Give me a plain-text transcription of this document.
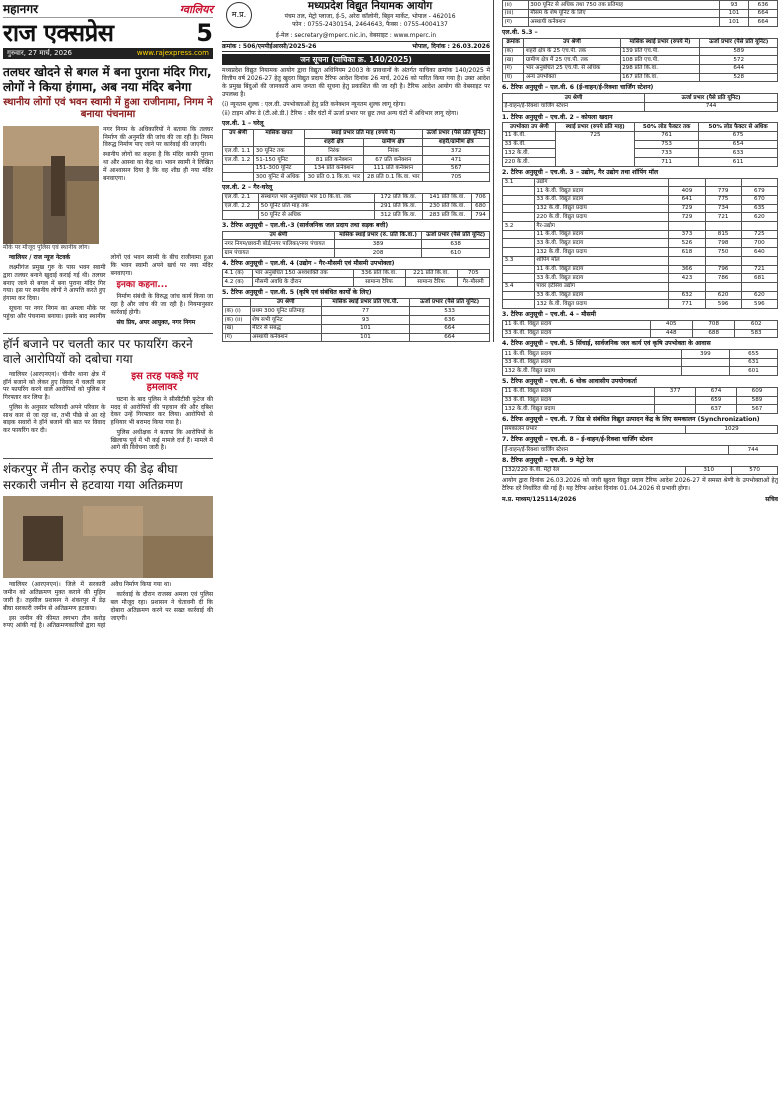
महानगर	ग्वालियर
राज एक्सप्रेस	5
गुरुवार, 27 मार्च, 2026	www.rajexpress.com
तलघर खोदने से बगल में बना पुराना मंदिर गिरा, लोगों ने किया हंगामा, अब नया मंदिर बनेगा
स्थानीय लोगों एवं भवन स्वामी में हुआ राजीनामा, निगम ने बनाया पंचनामा

नगर निगम के अधिकारियों ने बताया कि तलघर निर्माण की अनुमति की जांच की जा रही है। नियम विरुद्ध निर्माण पाए जाने पर कार्रवाई की जाएगी।

स्थानीय लोगों का कहना है कि मंदिर काफी पुराना था और आस्था का केंद्र था। भवन स्वामी ने लिखित में आश्वासन दिया है कि वह शीघ्र ही नया मंदिर बनवाएगा।

मौके पर मौजूद पुलिस एवं स्थानीय लोग।

ग्वालियर / राज न्यूज नेटवर्क

लक्ष्मीगंज प्रमुख गुरु के पास भवन स्वामी द्वारा तलघर बनाने खुदाई कराई गई थी। तलघर बनाए जाने से बगल में बना पुराना मंदिर गिर गया। इस पर स्थानीय लोगों ने आपत्ति करते हुए हंगामा कर दिया।

सूचना पर नगर निगम का अमला मौके पर पहुंचा और पंचनामा बनाया। इसके बाद स्थानीय लोगों एवं भवन स्वामी के बीच राजीनामा हुआ कि भवन स्वामी अपने खर्च पर नया मंदिर बनवाएगा।

इनका कहना...

निर्माण संबंधी के विरुद्ध जांच कार्य किया जा रहा है और जांच की जा रही है। नियमानुसार कार्रवाई होगी।

संघ प्रिय, अपर आयुक्त, नगर निगम

हॉर्न बजाने पर चलती कार पर फायरिंग करने वाले आरोपियों को दबोचा गया

ग्वालियर (आरएनएन)। चीनौर थाना क्षेत्र में हॉर्न बजाने को लेकर हुए विवाद में चलती कार पर फायरिंग करने वाले आरोपियों को पुलिस ने गिरफ्तार कर लिया है।

पुलिस के अनुसार फरियादी अपने परिवार के साथ कार से जा रहा था, तभी पीछे से आ रहे बाइक सवारों ने हॉर्न बजाने की बात पर विवाद कर फायरिंग कर दी।

इस तरह पकड़े गए हमलावर

घटना के बाद पुलिस ने सीसीटीवी फुटेज की मदद से आरोपियों की पहचान की और दबिश देकर उन्हें गिरफ्तार कर लिया। आरोपियों से हथियार भी बरामद किया गया है।

पुलिस अधीक्षक ने बताया कि आरोपियों के खिलाफ पूर्व में भी कई मामले दर्ज हैं। मामले में आगे की विवेचना जारी है।

शंकरपुर में तीन करोड़ रुपए की डेढ़ बीघा सरकारी जमीन से हटवाया गया अतिक्रमण

ग्वालियर (आरएनएन)। जिले में सरकारी जमीन को अतिक्रमण मुक्त कराने की मुहिम जारी है। तहसील प्रशासन ने शंकरपुर में डेढ़ बीघा सरकारी जमीन से अतिक्रमण हटवाया।

इस जमीन की कीमत लगभग तीन करोड़ रुपए आंकी गई है। अतिक्रमणकारियों द्वारा यहां अवैध निर्माण किया गया था।

कार्रवाई के दौरान राजस्व अमला एवं पुलिस बल मौजूद रहा। प्रशासन ने चेतावनी दी कि दोबारा अतिक्रमण करने पर सख्त कार्रवाई की जाएगी।

म.प्र.
मध्यप्रदेश विद्युत नियामक आयोग
पंचम तल, मेट्रो प्लाजा, ई-5, अरेरा कॉलोनी, बिट्टन मार्केट, भोपाल - 462016
फोन : 0755-2430154, 2464643, फैक्स : 0755-4004137
ई-मेल : secretary@mperc.nic.in, वेबसाइट : www.mperc.in
क्रमांक : 506/एमपीईआरसी/2025-26	भोपाल, दिनांक : 26.03.2026
जन सूचना (याचिका क्र. 140/2025)

मध्यप्रदेश विद्युत नियामक आयोग द्वारा विद्युत अधिनियम 2003 के प्रावधानों के अंतर्गत याचिका क्रमांक 140/2025 में वित्तीय वर्ष 2026-27 हेतु खुदरा विद्युत प्रदाय टैरिफ आदेश दिनांक 26 मार्च, 2026 को पारित किया गया है। उक्त आदेश के प्रमुख बिंदुओं की जानकारी आम जनता की सूचना हेतु प्रकाशित की जा रही है। टैरिफ आदेश आयोग की वेबसाइट पर उपलब्ध है।

(i) न्यूनतम शुल्क : एल.वी. उपभोक्ताओं हेतु प्रति कनेक्शन न्यूनतम शुल्क लागू रहेगा।

(ii) टाइम ऑफ डे (टी.ओ.डी.) टैरिफ : सौर घंटों में ऊर्जा प्रभार पर छूट तथा अन्य घंटों में अधिभार लागू रहेगा।

एल.वी. 1 – घरेलू
उप श्रेणी	मासिक खपत	स्थाई प्रभार प्रति माह (रुपये में)		ऊर्जा प्रभार (पैसे प्रति यूनिट)
		शहरी क्षेत्र	ग्रामीण क्षेत्र	शहरी/ग्रामीण क्षेत्र
एल.वी. 1.1	30 यूनिट तक	निरंक	निरंक	372
एल.वी. 1.2	51-150 यूनिट	81 प्रति कनेक्शन	67 प्रति कनेक्शन	471
	151-300 यूनिट	134 प्रति कनेक्शन	111 प्रति कनेक्शन	567
	300 यूनिट से अधिक	30 प्रति 0.1 कि.वा. भार	28 प्रति 0.1 कि.वा. भार	705
एल.वी. 2 – गैर-घरेलू
एल.वी. 2.1	संस्थागत भार अनुबंधित भार 10 कि.वा. तक	172 प्रति कि.वा.	141 प्रति कि.वा.	706
एल.वी. 2.2	50 यूनिट प्रति माह तक	291 प्रति कि.वा.	230 प्रति कि.वा.	680
	50 यूनिट से अधिक	312 प्रति कि.वा.	283 प्रति कि.वा.	794
3. टैरिफ अनुसूची – एल.वी.-3 (सार्वजनिक जल प्रदाय तथा सड़क बत्ती)
उप श्रेणी	मासिक स्थाई प्रभार (रु. प्रति कि.वा.)	ऊर्जा प्रभार (पैसे प्रति यूनिट)
नगर निगम/छावनी बोर्ड/नगर पालिका/नगर पंचायत	389	638
ग्राम पंचायत	208	610
4. टैरिफ अनुसूची – एल.वी. 4 (उद्योग – गैर-मौसमी एवं मौसमी उपभोक्ता)
4.1 (क)	भार अनुबंधित 150 अश्वशक्ति तक	336 प्रति कि.वा.	221 प्रति कि.वा.	705
4.2 (क)	मौसमी अवधि के दौरान	सामान्य टैरिफ	सामान्य टैरिफ	गैर-मौसमी
5. टैरिफ अनुसूची – एल.वी. 5 (कृषि एवं संबंधित कार्यों के लिए)
	उप श्रेणी	मासिक स्थाई प्रभार प्रति एच.पी.	ऊर्जा प्रभार (पैसे प्रति यूनिट)
(क) (i)	प्रथम 300 यूनिट प्रतिमाह	77	533
(क) (ii)	शेष सभी यूनिट	93	636
(ख)	मीटर से संबद्ध	101	664
(ग)	अस्थायी कनेक्शन	101	664
(ii)	300 यूनिट से अधिक तथा 750 तक प्रतिमाह	93	636
(iii)	मौसम के शेष यूनिट के लिए	101	664
(ग)	अस्थायी कनेक्शन	101	664
एल.वी. 5.3 –
क्रमांक	उप श्रेणी	मासिक स्थाई प्रभार (रुपये में)	ऊर्जा प्रभार (पैसे प्रति यूनिट)
(क)	शहरी क्षेत्र के 25 एच.पी. तक	139 प्रति एच.पी.	589
(ख)	ग्रामीण क्षेत्र में 25 एच.पी. तक	108 प्रति एच.पी.	572
(ग)	भार अनुबंधित 25 एच.पी. से अधिक	298 प्रति कि.वा.	644
(घ)	अन्य उपभोक्ता	167 प्रति कि.वा.	528
6. टैरिफ अनुसूची – एल.वी. 6 (ई-वाहन/ई-रिक्शा चार्जिंग स्टेशन)
उप श्रेणी	ऊर्जा प्रभार (पैसे प्रति यूनिट)
ई-वाहन/ई-रिक्शा चार्जिंग स्टेशन	744
1. टैरिफ अनुसूची – एच.वी. 2 – कोयला खदान
उपभोक्ता उप श्रेणी	स्थाई प्रभार (रुपये प्रति माह)	50% लोड फैक्टर तक	50% लोड फैक्टर से अधिक
11 के.वी.	725	761	675
33 के.वी.		753	654
132 के.वी.		733	633
220 के.वी.		711	611
2. टैरिफ अनुसूची – एच.वी. 3 – उद्योग, गैर उद्योग तथा शॉपिंग मॉल
3.1	उद्योग			
	11 के.वी. विद्युत प्रदाय	409	779	679
	33 के.वी. विद्युत प्रदाय	641	775	670
	132 के.वी. विद्युत प्रदाय	729	734	635
	220 के.वी. विद्युत प्रदाय	729	721	620
3.2	गैर-उद्योग			
	11 के.वी. विद्युत प्रदाय	373	815	725
	33 के.वी. विद्युत प्रदाय	526	798	700
	132 के.वी. विद्युत प्रदाय	618	750	640
3.3	शॉपिंग मॉल			
	11 के.वी. विद्युत प्रदाय	366	796	721
	33 के.वी. विद्युत प्रदाय	423	786	681
3.4	पावर इंटेंसिव उद्योग			
	33 के.वी. विद्युत प्रदाय	632	620	620
	132 के.वी. विद्युत प्रदाय	771	596	596
3. टैरिफ अनुसूची – एच.वी. 4 – मौसमी
11 के.वी. विद्युत प्रदाय	405	708	602
33 के.वी. विद्युत प्रदाय	448	688	583
4. टैरिफ अनुसूची – एच.वी. 5 सिंचाई, सार्वजनिक जल कार्य एवं कृषि उपभोक्ता के आवास
11 के.वी. विद्युत प्रदाय	399	655
33 के.वी. विद्युत प्रदाय		631
132 के.वी. विद्युत प्रदाय		601
5. टैरिफ अनुसूची – एच.वी. 6 थोक आवासीय उपयोगकर्ता
11 के.वी. विद्युत प्रदाय	377	674	609
33 के.वी. विद्युत प्रदाय		659	589
132 के.वी. विद्युत प्रदाय		637	567
6. टैरिफ अनुसूची – एच.वी. 7 ग्रिड से संबंधित विद्युत उत्पादन केंद्र के लिए समकालन (Synchronization)
समकालन प्रभार	1029
7. टैरिफ अनुसूची – एच.वी. 8 – ई-वाहन/ई-रिक्शा चार्जिंग स्टेशन
ई-वाहन/ई-रिक्शा चार्जिंग स्टेशन	744
8. टैरिफ अनुसूची – एच.वी. 9 मेट्रो रेल
132/220 के.वी. मेट्रो रेल	310	570

आयोग द्वारा दिनांक 26.03.2026 को जारी खुदरा विद्युत प्रदाय टैरिफ आदेश 2026-27 में समस्त श्रेणी के उपभोक्ताओं हेतु टैरिफ दरें निर्धारित की गई हैं। यह टैरिफ आदेश दिनांक 01.04.2026 से प्रभावी होगा।

म.प्र. माध्यम/125114/2026	सचिव
